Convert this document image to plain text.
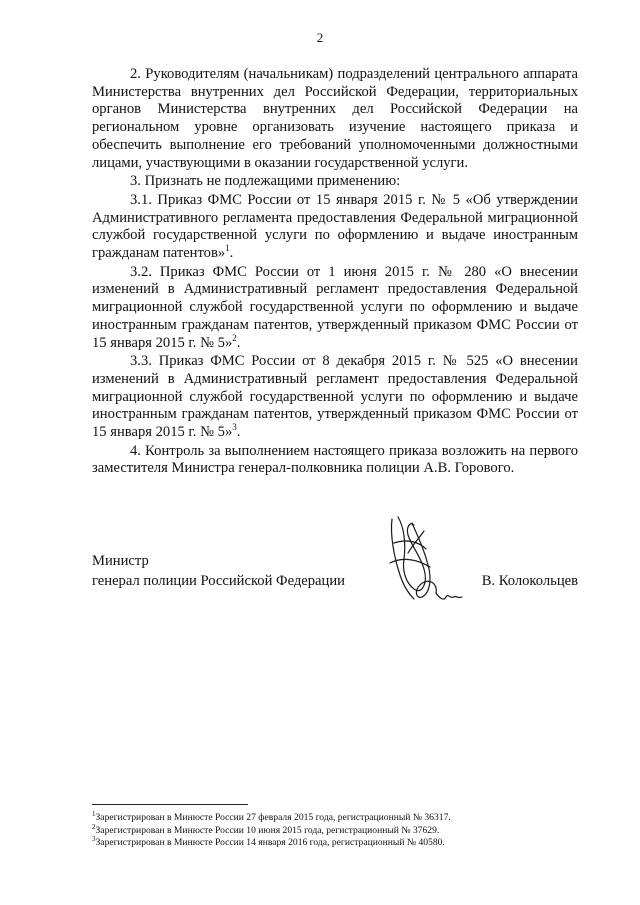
2

2. Руководителям (начальникам) подразделений центрального аппарата Министерства внутренних дел Российской Федерации, территориальных органов Министерства внутренних дел Российской Федерации на региональном уровне организовать изучение настоящего приказа и обеспечить выполнение его требований уполномоченными должностными лицами, участвующими в оказании государственной услуги.

3. Признать не подлежащими применению:

3.1. Приказ ФМС России от 15 января 2015 г. № 5 «Об утверждении Административного регламента предоставления Федеральной миграционной службой государственной услуги по оформлению и выдаче иностранным гражданам патентов»$^1$.

3.2. Приказ ФМС России от 1 июня 2015 г. № 280 «О внесении изменений в Административный регламент предоставления Федеральной миграционной службой государственной услуги по оформлению и выдаче иностранным гражданам патентов, утвержденный приказом ФМС России от 15 января 2015 г. № 5»$^2$.

3.3. Приказ ФМС России от 8 декабря 2015 г. № 525 «О внесении изменений в Административный регламент предоставления Федеральной миграционной службой государственной услуги по оформлению и выдаче иностранным гражданам патентов, утвержденный приказом ФМС России от 15 января 2015 г. № 5»$^3$.

4. Контроль за выполнением настоящего приказа возложить на первого заместителя Министра генерал-полковника полиции А.В. Горового.

Министр
генерал полиции Российской Федерации	В. Колокольцев

$^1$Зарегистрирован в Минюсте России 27 февраля 2015 года, регистрационный № 36317.

$^2$Зарегистрирован в Минюсте России 10 июня 2015 года, регистрационный № 37629.

$^3$Зарегистрирован в Минюсте России 14 января 2016 года, регистрационный № 40580.
